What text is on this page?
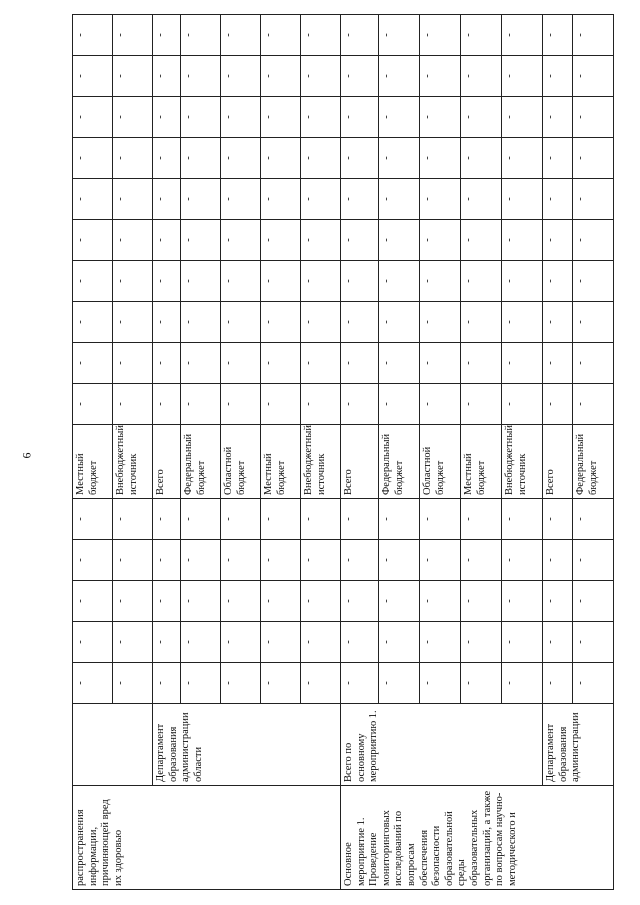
6
распространения информации, причиняющей вред их здоровью		-	-	-	-	-	Местный бюджет	-	-	-	-	-	-	-	-	-	-
		-	-	-	-	-	Внебюджетный источник	-	-	-	-	-	-	-	-	-	-
	Департамент образования администрации области	-	-	-	-	-	Всего	-	-	-	-	-	-	-	-	-	-
		-	-	-	-	-	Федеральный бюджет	-	-	-	-	-	-	-	-	-	-
		-	-	-	-	-	Областной бюджет	-	-	-	-	-	-	-	-	-	-
		-	-	-	-	-	Местный бюджет	-	-	-	-	-	-	-	-	-	-
		-	-	-	-	-	Внебюджетный источник	-	-	-	-	-	-	-	-	-	-
Основное мероприятие 1. Проведение мониторинговых исследований по вопросам обеспечения безопасности образовательной среды образовательных организаций, а также по вопросам научно-методического и	Всего по основному мероприятию 1.	-	-	-	-	-	Всего	-	-	-	-	-	-	-	-	-	-
		-	-	-	-	-	Федеральный бюджет	-	-	-	-	-	-	-	-	-	-
		-	-	-	-	-	Областной бюджет	-	-	-	-	-	-	-	-	-	-
		-	-	-	-	-	Местный бюджет	-	-	-	-	-	-	-	-	-	-
		-	-	-	-	-	Внебюджетный источник	-	-	-	-	-	-	-	-	-	-
	Департамент образования администрации	-	-	-	-	-	Всего	-	-	-	-	-	-	-	-	-	-
		-	-	-	-	-	Федеральный бюджет	-	-	-	-	-	-	-	-	-	-
